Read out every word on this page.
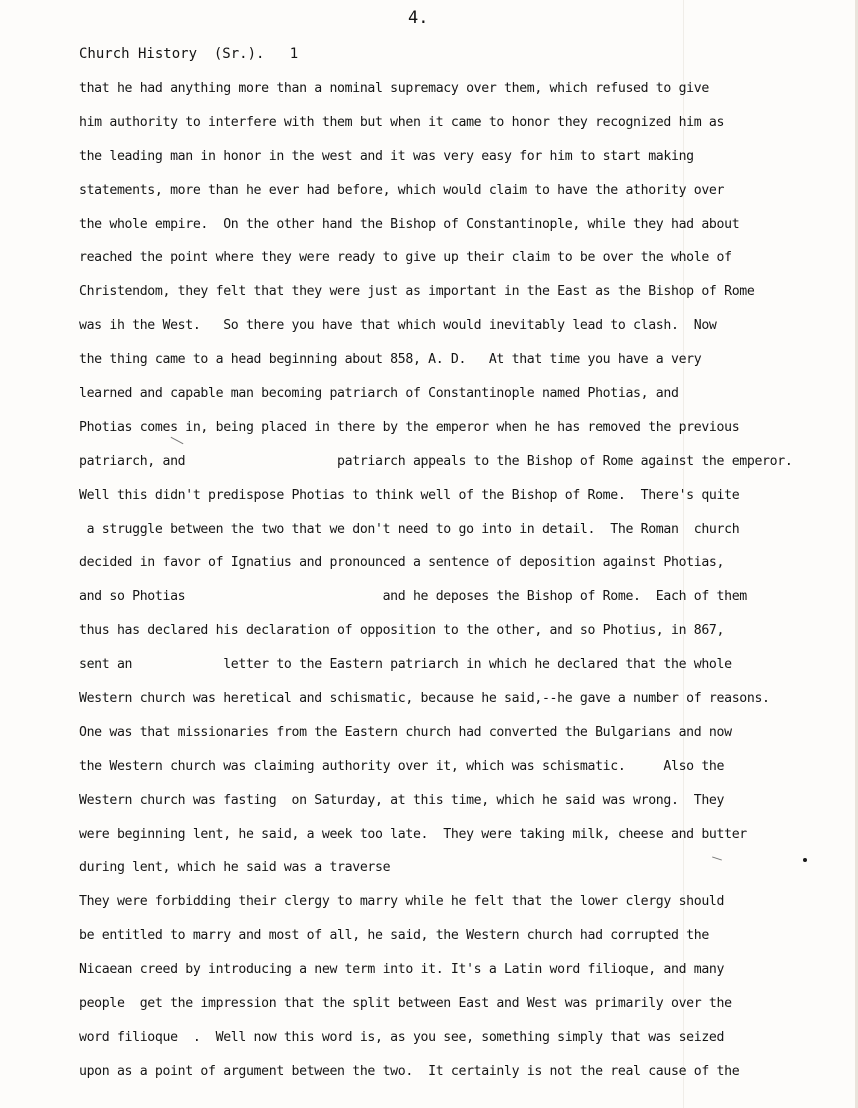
4.
Church History  (Sr.).   1
that he had anything more than a nominal supremacy over them, which refused to give
him authority to interfere with them but when it came to honor they recognized him as
the leading man in honor in the west and it was very easy for him to start making
statements, more than he ever had before, which would claim to have the athority over
the whole empire.  On the other hand the Bishop of Constantinople, while they had about
reached the point where they were ready to give up their claim to be over the whole of
Christendom, they felt that they were just as important in the East as the Bishop of Rome
was ih the West.   So there you have that which would inevitably lead to clash.  Now
the thing came to a head beginning about 858, A. D.   At that time you have a very
learned and capable man becoming patriarch of Constantinople named Photias, and
Photias comes in, being placed in there by the emperor when he has removed the previous
patriarch, and                    patriarch appeals to the Bishop of Rome against the emperor.
Well this didn't predispose Photias to think well of the Bishop of Rome.  There's quite
a struggle between the two that we don't need to go into in detail.  The Roman  church
decided in favor of Ignatius and pronounced a sentence of deposition against Photias,
and so Photias                          and he deposes the Bishop of Rome.  Each of them
thus has declared his declaration of opposition to the other, and so Photius, in 867,
sent an            letter to the Eastern patriarch in which he declared that the whole
Western church was heretical and schismatic, because he said,--he gave a number of reasons.
One was that missionaries from the Eastern church had converted the Bulgarians and now
the Western church was claiming authority over it, which was schismatic.     Also the
Western church was fasting  on Saturday, at this time, which he said was wrong.  They
were beginning lent, he said, a week too late.  They were taking milk, cheese and butter
during lent, which he said was a traverse
They were forbidding their clergy to marry while he felt that the lower clergy should
be entitled to marry and most of all, he said, the Western church had corrupted the
Nicaean creed by introducing a new term into it. It's a Latin word filioque, and many
people  get the impression that the split between East and West was primarily over the
word filioque  .  Well now this word is, as you see, something simply that was seized
upon as a point of argument between the two.  It certainly is not the real cause of the
